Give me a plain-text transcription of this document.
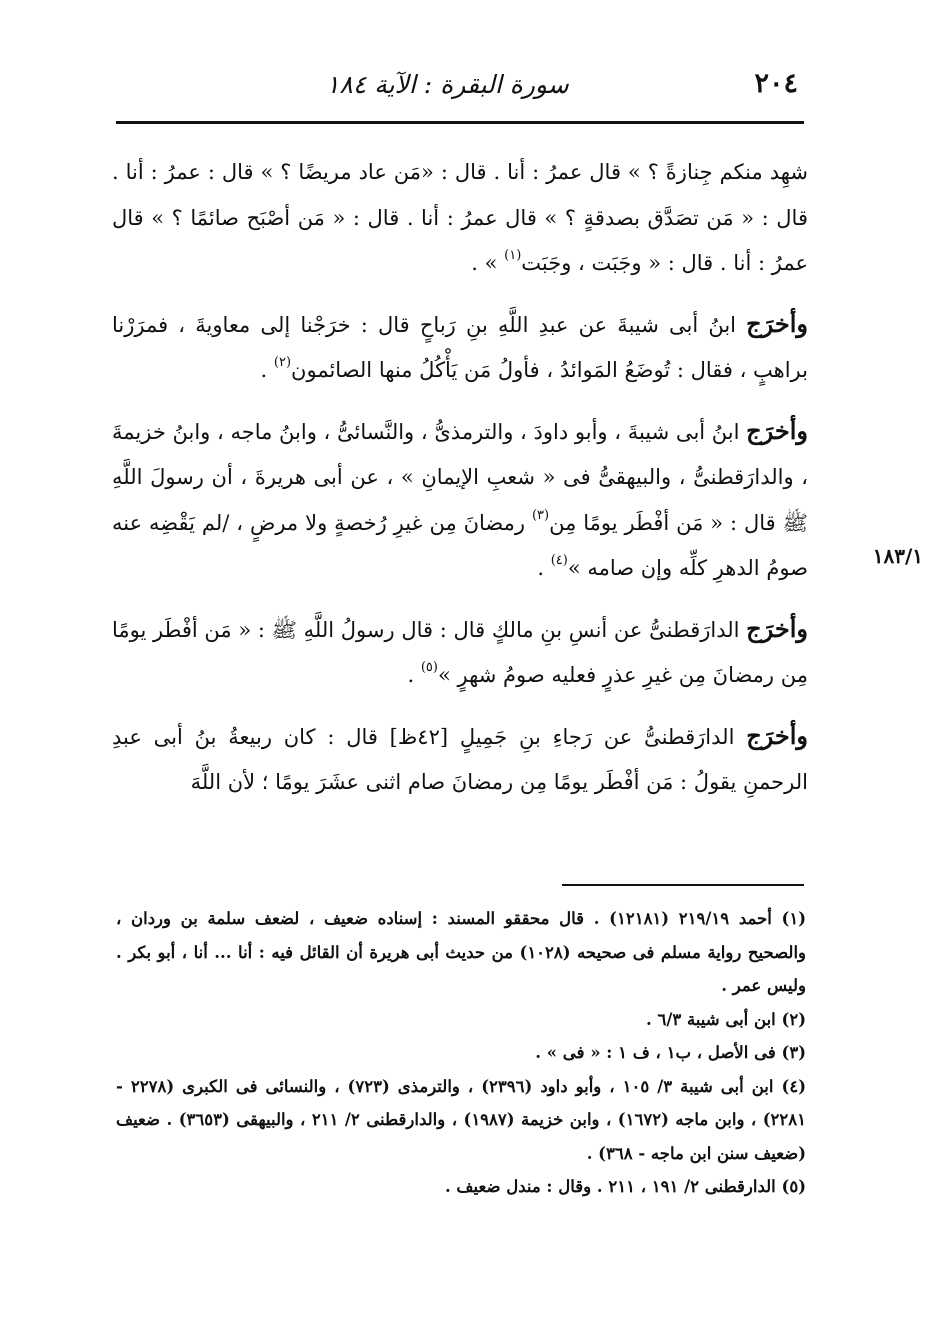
٢٠٤
سورة البقرة : الآية ١٨٤
١٨٣/١

شهِد منكم جِنازةً ؟ » قال عمرُ : أنا . قال : «مَن عاد مريضًا ؟ » قال : عمرُ : أنا . قال : « مَن تصَدَّق بصدقةٍ ؟ » قال عمرُ : أنا . قال : « مَن أصْبَح صائمًا ؟ » قال عمرُ : أنا . قال : « وجَبَت ، وجَبَت$^{(١)}$ » .

وأخرَج ابنُ أبى شيبةَ عن عبدِ اللَّهِ بنِ رَباحٍ قال : خرَجْنا إلى معاويةَ ، فمرَرْنا براهبٍ ، فقال : تُوضَعُ المَوائدُ ، فأولُ مَن يَأْكُلُ منها الصائمون$^{(٢)}$ .

وأخرَج ابنُ أبى شيبةَ ، وأبو داودَ ، والترمذىُّ ، والنَّسائىُّ ، وابنُ ماجه ، وابنُ خزيمةَ ، والدارَقطنىُّ ، والبيهقىُّ فى « شعبِ الإيمانِ » ، عن أبى هريرةَ ، أن رسولَ اللَّهِ ﷺ قال : « مَن أفْطَر يومًا مِن$^{(٣)}$ رمضانَ مِن غيرِ رُخصةٍ ولا مرضٍ ، /لم يَقْضِه عنه صومُ الدهرِ كلِّه وإن صامه »$^{(٤)}$ .

وأخرَج الدارَقطنىُّ عن أنسِ بنِ مالكٍ قال : قال رسولُ اللَّهِ ﷺ : « مَن أفْطَر يومًا مِن رمضانَ مِن غيرِ عذرٍ فعليه صومُ شهرٍ »$^{(٥)}$ .

وأخرَج الدارَقطنىُّ عن رَجاءِ بنِ جَمِيلٍ [٤٢ظ] قال : كان ربيعةُ بنُ أبى عبدِ الرحمنِ يقولُ : مَن أفْطَر يومًا مِن رمضانَ صام اثنى عشَرَ يومًا ؛ لأن اللَّهَ

(١) أحمد ٢١٩/١٩ (١٢١٨١) . قال محققو المسند : إسناده ضعيف ، لضعف سلمة بن وردان ، والصحيح رواية مسلم فى صحيحه (١٠٢٨) من حديث أبى هريرة أن القائل فيه : أنا ... أنا ، أبو بكر . وليس عمر .

(٢) ابن أبى شيبة ٦/٣ .

(٣) فى الأصل ، ب١ ، ف ١ : « فى » .

(٤) ابن أبى شيبة ٣/ ١٠٥ ، وأبو داود (٢٣٩٦) ، والترمذى (٧٢٣) ، والنسائى فى الكبرى (٢٢٧٨ - ٢٢٨١) ، وابن ماجه (١٦٧٢) ، وابن خزيمة (١٩٨٧) ، والدارقطنى ٢/ ٢١١ ، والبيهقى (٣٦٥٣) . ضعيف (ضعيف سنن ابن ماجه - ٣٦٨) .

(٥) الدارقطنى ٢/ ١٩١ ، ٢١١ . وقال : مندل ضعيف .
